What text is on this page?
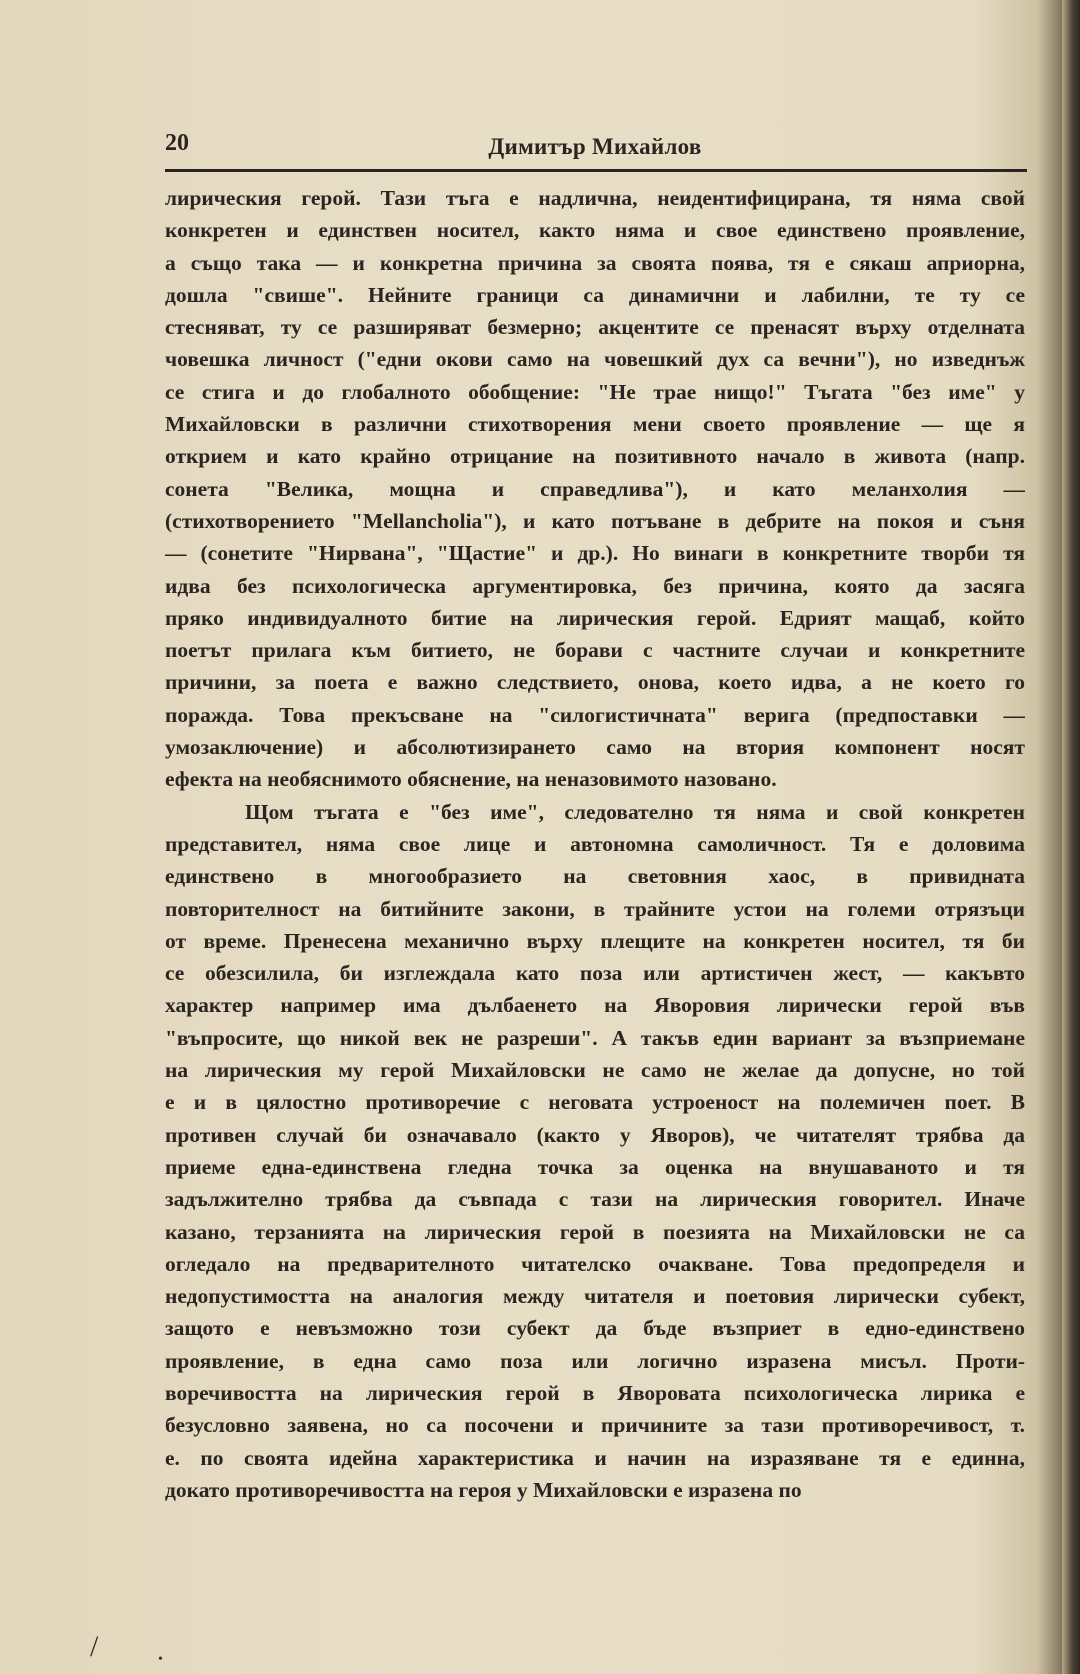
20	Димитър Михайлов
лирическия герой. Тази тъга е надлична, неидентифицирана, тя няма свой
конкретен и единствен носител, както няма и свое единствено проявление,
а също така — и конкретна причина за своята поява, тя е сякаш априорна,
дошла "свише". Нейните граници са динамични и лабилни, те ту се
стесняват, ту се разширяват безмерно; акцентите се пренасят върху отделната
човешка личност ("едни окови само на човешкий дух са вечни"), но изведнъж
се стига и до глобалното обобщение: "Не трае нищо!" Тъгата "без име" у
Михайловски в различни стихотворения мени своето проявление — ще я
открием и като крайно отрицание на позитивното начало в живота (напр.
сонета "Велика, мощна и справедлива"), и като меланхолия —
(стихотворението "Mellancholia"), и като потъване в дебрите на покоя и съня
— (сонетите "Нирвана", "Щастие" и др.). Но винаги в конкретните творби тя
идва без психологическа аргументировка, без причина, която да засяга
пряко индивидуалното битие на лирическия герой. Едрият мащаб, който
поетът прилага към битието, не борави с частните случаи и конкретните
причини, за поета е важно следствието, онова, което идва, а не което го
поражда. Това прекъсване на "силогистичната" верига (предпоставки —
умозаключение) и абсолютизирането само на втория компонент носят
ефекта на необяснимото обяснение, на неназовимото назовано.
Щом тъгата е "без име", следователно тя няма и свой конкретен
представител, няма свое лице и автономна самоличност. Тя е доловима
единствено в многообразието на световния хаос, в привидната
повторителност на битийните закони, в трайните устои на големи отрязъци
от време. Пренесена механично върху плещите на конкретен носител, тя би
се обезсилила, би изглеждала като поза или артистичен жест, — какъвто
характер например има дълбаенето на Яворовия лирически герой във
"въпросите, що никой век не разреши". А такъв един вариант за възприемане
на лирическия му герой Михайловски не само не желае да допусне, но той
е и в цялостно противоречие с неговата устроеност на полемичен поет. В
противен случай би означавало (както у Яворов), че читателят трябва да
приеме една-единствена гледна точка за оценка на внушаваното и тя
задължително трябва да съвпада с тази на лирическия говорител. Иначе
казано, терзанията на лирическия герой в поезията на Михайловски не са
огледало на предварителното читателско очакване. Това предопределя и
недопустимостта на аналогия между читателя и поетовия лирически субект,
защото е невъзможно този субект да бъде възприет в едно-единствено
проявление, в една само поза или логично изразена мисъл. Проти-
воречивостта на лирическия герой в Яворовата психологическа лирика е
безусловно заявена, но са посочени и причините за тази противоречивост, т.
е. по своята идейна характеристика и начин на изразяване тя е единна,
докато противоречивостта на героя у Михайловски е изразена по
/	•
